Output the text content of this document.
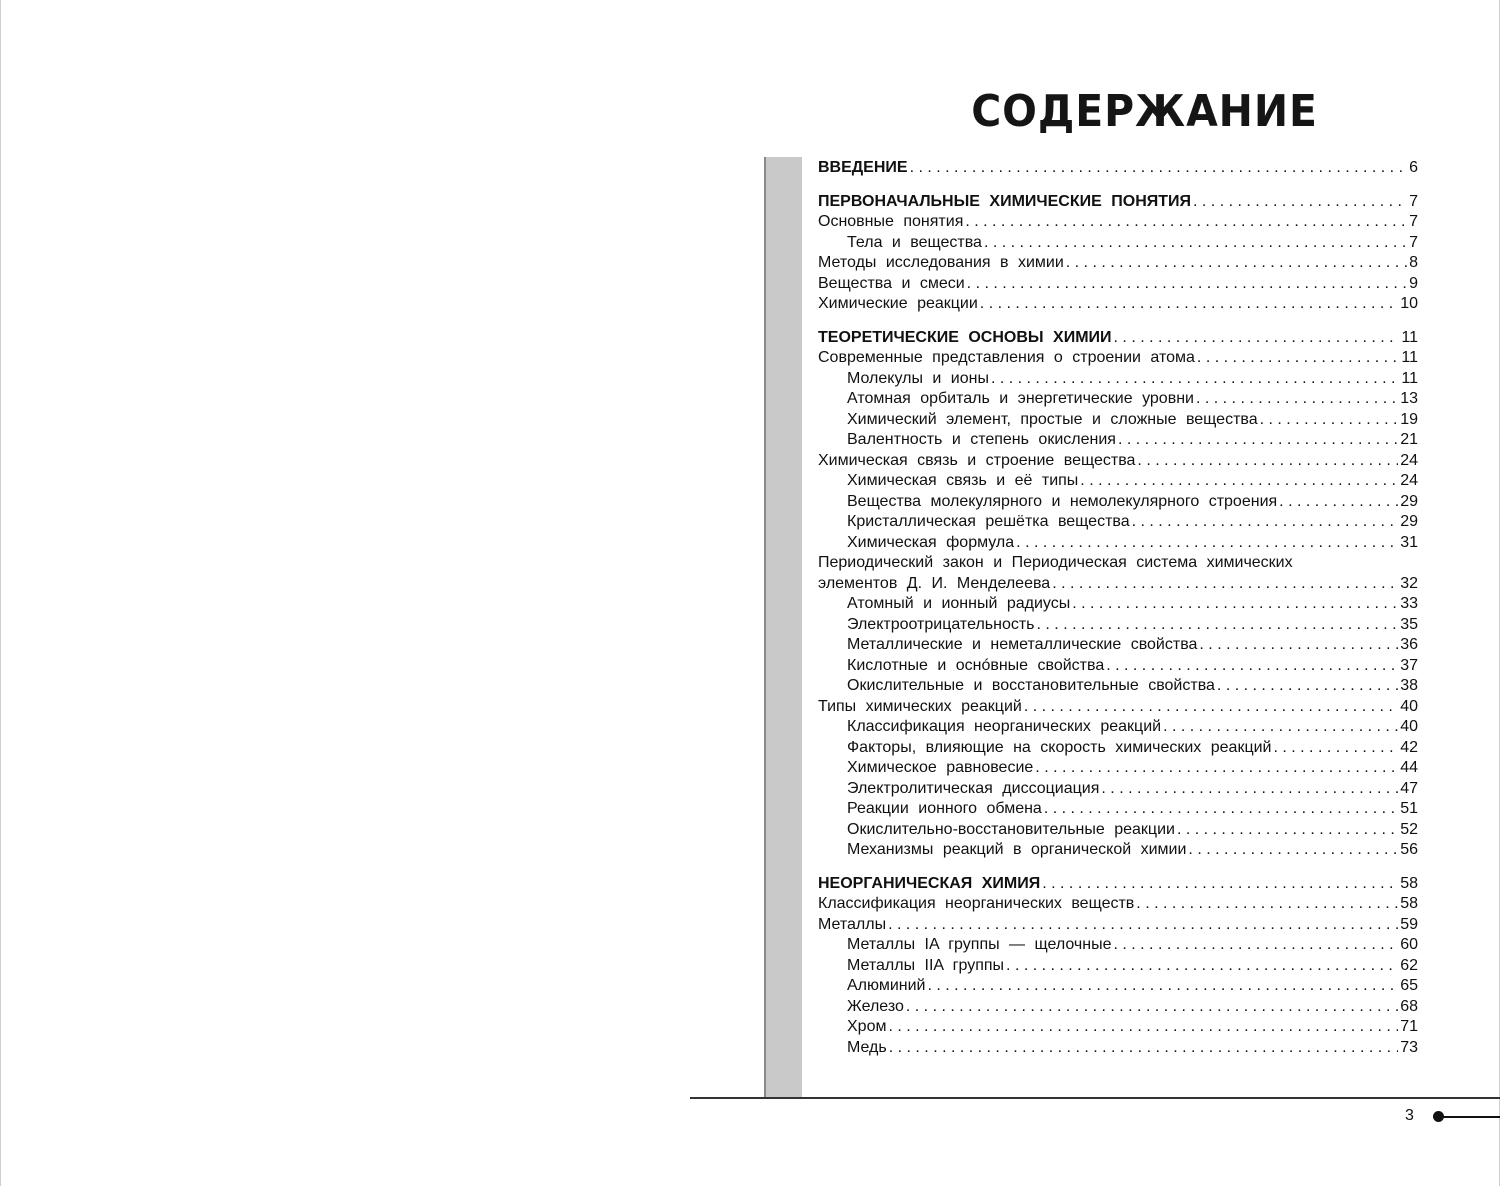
СОДЕРЖАНИЕ
ВВЕДЕНИЕ . . .	6
ПЕРВОНАЧАЛЬНЫЕ ХИМИЧЕСКИЕ ПОНЯТИЯ . . .	7
Основные понятия . . .	7
Тела и вещества . . .	7
Методы исследования в химии . . .	8
Вещества и смеси . . .	9
Химические реакции . . .	10
ТЕОРЕТИЧЕСКИЕ ОСНОВЫ ХИМИИ . . .	11
Современные представления о строении атома . . .	11
Молекулы и ионы . . .	11
Атомная орбиталь и энергетические уровни . . .	13
Химический элемент, простые и сложные вещества . . .	19
Валентность и степень окисления . . .	21
Химическая связь и строение вещества . . .	24
Химическая связь и её типы . . .	24
Вещества молекулярного и немолекулярного строения . . .	29
Кристаллическая решётка вещества . . .	29
Химическая формула . . .	31
Периодический закон и Периодическая система химических
элементов Д. И. Менделеева . . .	32
Атомный и ионный радиусы . . .	33
Электроотрицательность . . .	35
Металлические и неметаллические свойства . . .	36
Кислотные и оснóвные свойства . . .	37
Окислительные и восстановительные свойства . . .	38
Типы химических реакций . . .	40
Классификация неорганических реакций . . .	40
Факторы, влияющие на скорость химических реакций . . .	42
Химическое равновесие . . .	44
Электролитическая диссоциация . . .	47
Реакции ионного обмена . . .	51
Окислительно-восстановительные реакции . . .	52
Механизмы реакций в органической химии . . .	56
НЕОРГАНИЧЕСКАЯ ХИМИЯ . . .	58
Классификация неорганических веществ . . .	58
Металлы . . .	59
Металлы IA группы — щелочные . . .	60
Металлы IIA группы . . .	62
Алюминий . . .	65
Железо . . .	68
Хром . . .	71
Медь . . .	73
3
